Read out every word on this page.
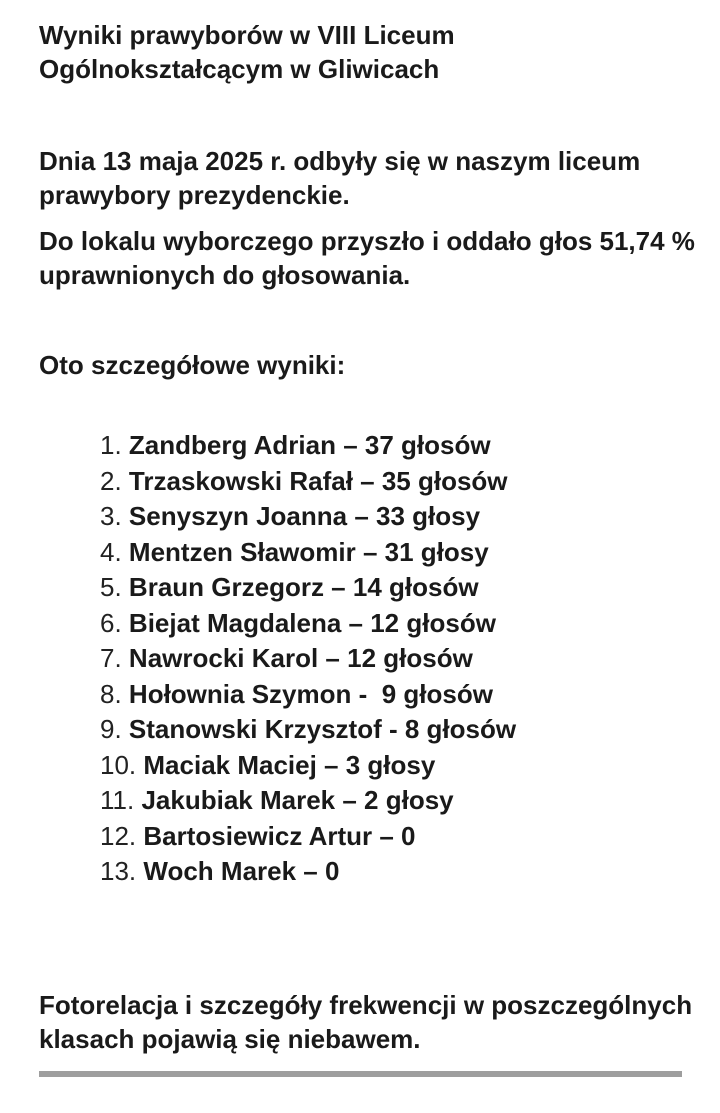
Wyniki prawyborów w VIII Liceum Ogólnokształcącym w Gliwicach

Dnia 13 maja 2025 r. odbyły się w naszym liceum prawybory prezydenckie.

Do lokalu wyborczego przyszło i oddało głos 51,74 % uprawnionych do głosowania.

Oto szczegółowe wyniki:

1. Zandberg Adrian – 37 głosów
2. Trzaskowski Rafał – 35 głosów
3. Senyszyn Joanna – 33 głosy
4. Mentzen Sławomir – 31 głosy
5. Braun Grzegorz – 14 głosów
6. Biejat Magdalena – 12 głosów
7. Nawrocki Karol – 12 głosów
8. Hołownia Szymon -  9 głosów
9. Stanowski Krzysztof - 8 głosów
10. Maciak Maciej – 3 głosy
11. Jakubiak Marek – 2 głosy
12. Bartosiewicz Artur – 0
13. Woch Marek – 0

Fotorelacja i szczegóły frekwencji w poszczególnych klasach pojawią się niebawem.
